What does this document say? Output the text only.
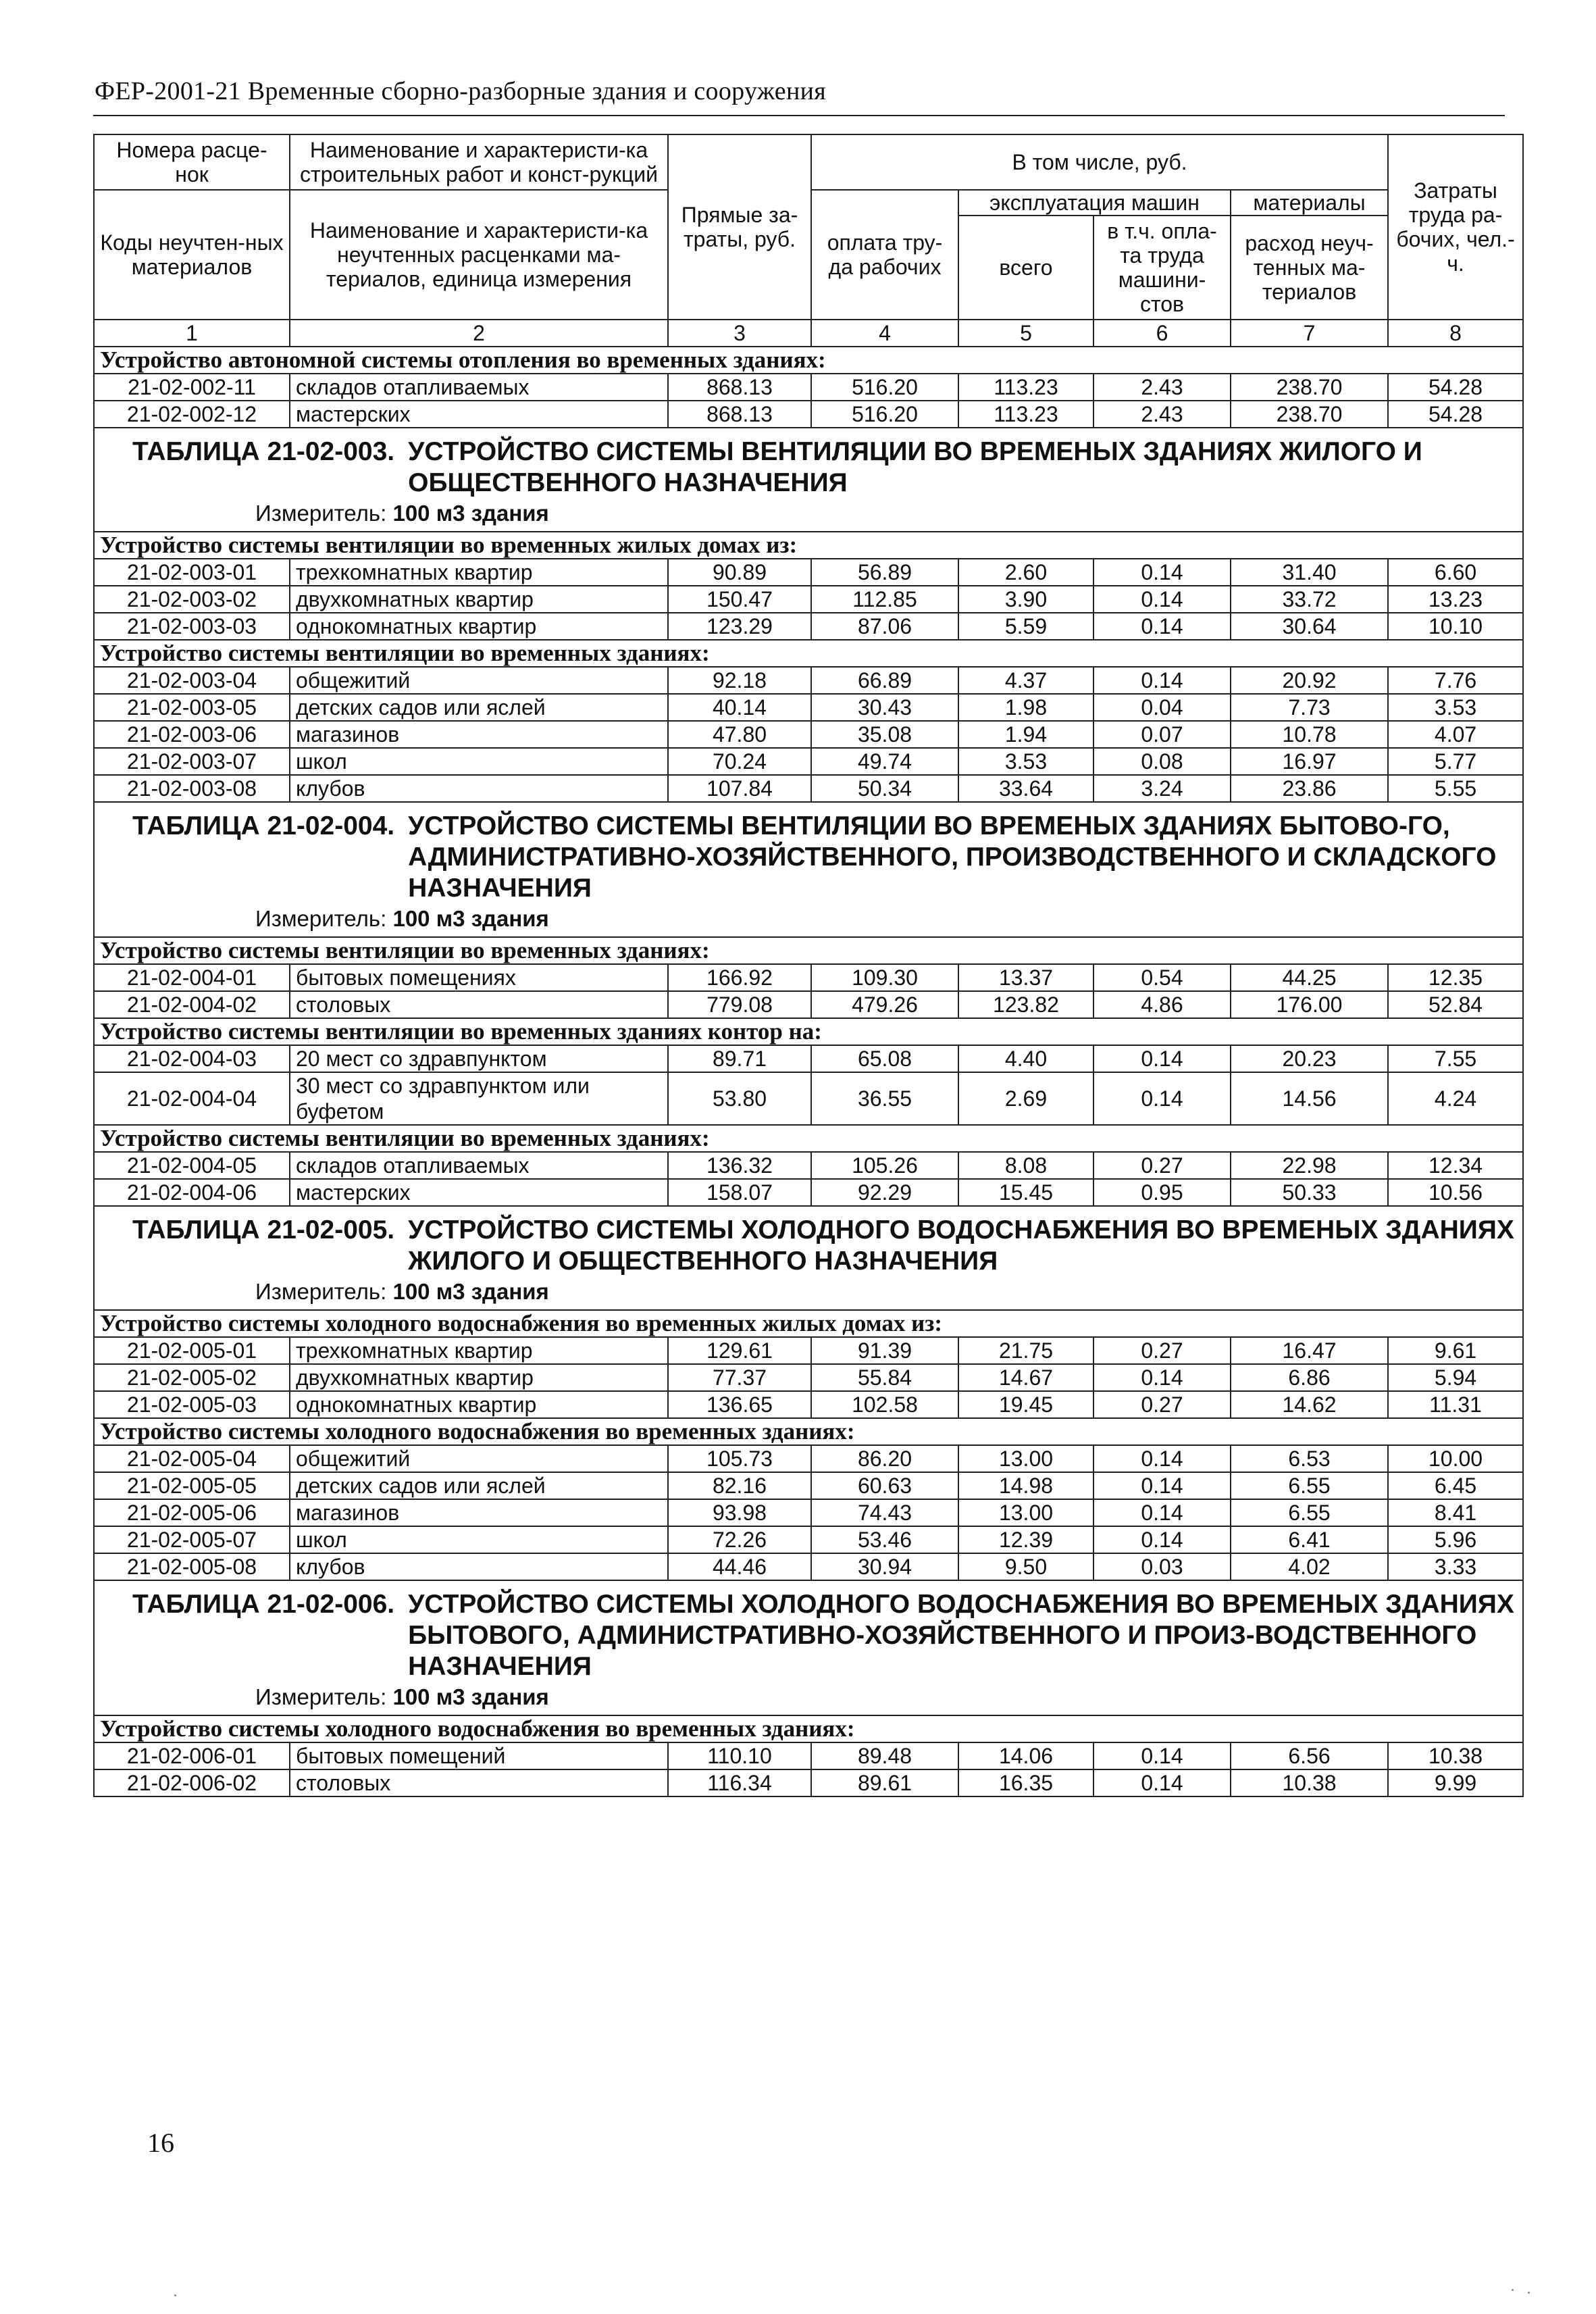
ФЕР-2001-21 Временные сборно-разборные здания и сооружения
Номера расце-нок	Наименование и характеристи-ка строительных работ и конст-рукций	Прямые за-траты, руб.	В том числе, руб.				Затраты труда ра-бочих, чел.-ч.
Коды неучтен-ных материалов	Наименование и характеристи-ка неучтенных расценками ма-териалов, единица измерения		оплата тру-да рабочих	эксплуатация машин		материалы	
				всего	в т.ч. опла-та труда машини-стов	расход неуч-тенных ма-териалов	
1	2	3	4	5	6	7	8
Устройство автономной системы отопления во временных зданиях:							
21-02-002-11	складов отапливаемых	868.13	516.20	113.23	2.43	238.70	54.28
21-02-002-12	мастерских	868.13	516.20	113.23	2.43	238.70	54.28

ТАБЛИЦА 21-02-003. УСТРОЙСТВО СИСТЕМЫ ВЕНТИЛЯЦИИ ВО ВРЕМЕНЫХ ЗДАНИЯХ ЖИЛОГО И ОБЩЕСТВЕННОГО НАЗНАЧЕНИЯ
Измеритель: 100 м3 здания							

Устройство системы вентиляции во временных жилых домах из:							
21-02-003-01	трехкомнатных квартир	90.89	56.89	2.60	0.14	31.40	6.60
21-02-003-02	двухкомнатных квартир	150.47	112.85	3.90	0.14	33.72	13.23
21-02-003-03	однокомнатных квартир	123.29	87.06	5.59	0.14	30.64	10.10
Устройство системы вентиляции во временных зданиях:							
21-02-003-04	общежитий	92.18	66.89	4.37	0.14	20.92	7.76
21-02-003-05	детских садов или яслей	40.14	30.43	1.98	0.04	7.73	3.53
21-02-003-06	магазинов	47.80	35.08	1.94	0.07	10.78	4.07
21-02-003-07	школ	70.24	49.74	3.53	0.08	16.97	5.77
21-02-003-08	клубов	107.84	50.34	33.64	3.24	23.86	5.55

ТАБЛИЦА 21-02-004. УСТРОЙСТВО СИСТЕМЫ ВЕНТИЛЯЦИИ ВО ВРЕМЕНЫХ ЗДАНИЯХ БЫТОВО-ГО, АДМИНИСТРАТИВНО-ХОЗЯЙСТВЕННОГО, ПРОИЗВОДСТВЕННОГО И СКЛАДСКОГО НАЗНАЧЕНИЯ
Измеритель: 100 м3 здания							

Устройство системы вентиляции во временных зданиях:							
21-02-004-01	бытовых помещениях	166.92	109.30	13.37	0.54	44.25	12.35
21-02-004-02	столовых	779.08	479.26	123.82	4.86	176.00	52.84
Устройство системы вентиляции во временных зданиях контор на:							
21-02-004-03	20 мест со здравпунктом	89.71	65.08	4.40	0.14	20.23	7.55
21-02-004-04	30 мест со здравпунктом или буфетом	53.80	36.55	2.69	0.14	14.56	4.24
Устройство системы вентиляции во временных зданиях:							
21-02-004-05	складов отапливаемых	136.32	105.26	8.08	0.27	22.98	12.34
21-02-004-06	мастерских	158.07	92.29	15.45	0.95	50.33	10.56

ТАБЛИЦА 21-02-005. УСТРОЙСТВО СИСТЕМЫ ХОЛОДНОГО ВОДОСНАБЖЕНИЯ ВО ВРЕМЕНЫХ ЗДАНИЯХ ЖИЛОГО И ОБЩЕСТВЕННОГО НАЗНАЧЕНИЯ
Измеритель: 100 м3 здания							

Устройство системы холодного водоснабжения во временных жилых домах из:							
21-02-005-01	трехкомнатных квартир	129.61	91.39	21.75	0.27	16.47	9.61
21-02-005-02	двухкомнатных квартир	77.37	55.84	14.67	0.14	6.86	5.94
21-02-005-03	однокомнатных квартир	136.65	102.58	19.45	0.27	14.62	11.31
Устройство системы холодного водоснабжения во временных зданиях:							
21-02-005-04	общежитий	105.73	86.20	13.00	0.14	6.53	10.00
21-02-005-05	детских садов или яслей	82.16	60.63	14.98	0.14	6.55	6.45
21-02-005-06	магазинов	93.98	74.43	13.00	0.14	6.55	8.41
21-02-005-07	школ	72.26	53.46	12.39	0.14	6.41	5.96
21-02-005-08	клубов	44.46	30.94	9.50	0.03	4.02	3.33

ТАБЛИЦА 21-02-006. УСТРОЙСТВО СИСТЕМЫ ХОЛОДНОГО ВОДОСНАБЖЕНИЯ ВО ВРЕМЕНЫХ ЗДАНИЯХ БЫТОВОГО, АДМИНИСТРАТИВНО-ХОЗЯЙСТВЕННОГО И ПРОИЗ-ВОДСТВЕННОГО НАЗНАЧЕНИЯ
Измеритель: 100 м3 здания							

Устройство системы холодного водоснабжения во временных зданиях:							
21-02-006-01	бытовых помещений	110.10	89.48	14.06	0.14	6.56	10.38
21-02-006-02	столовых	116.34	89.61	16.35	0.14	10.38	9.99
16
